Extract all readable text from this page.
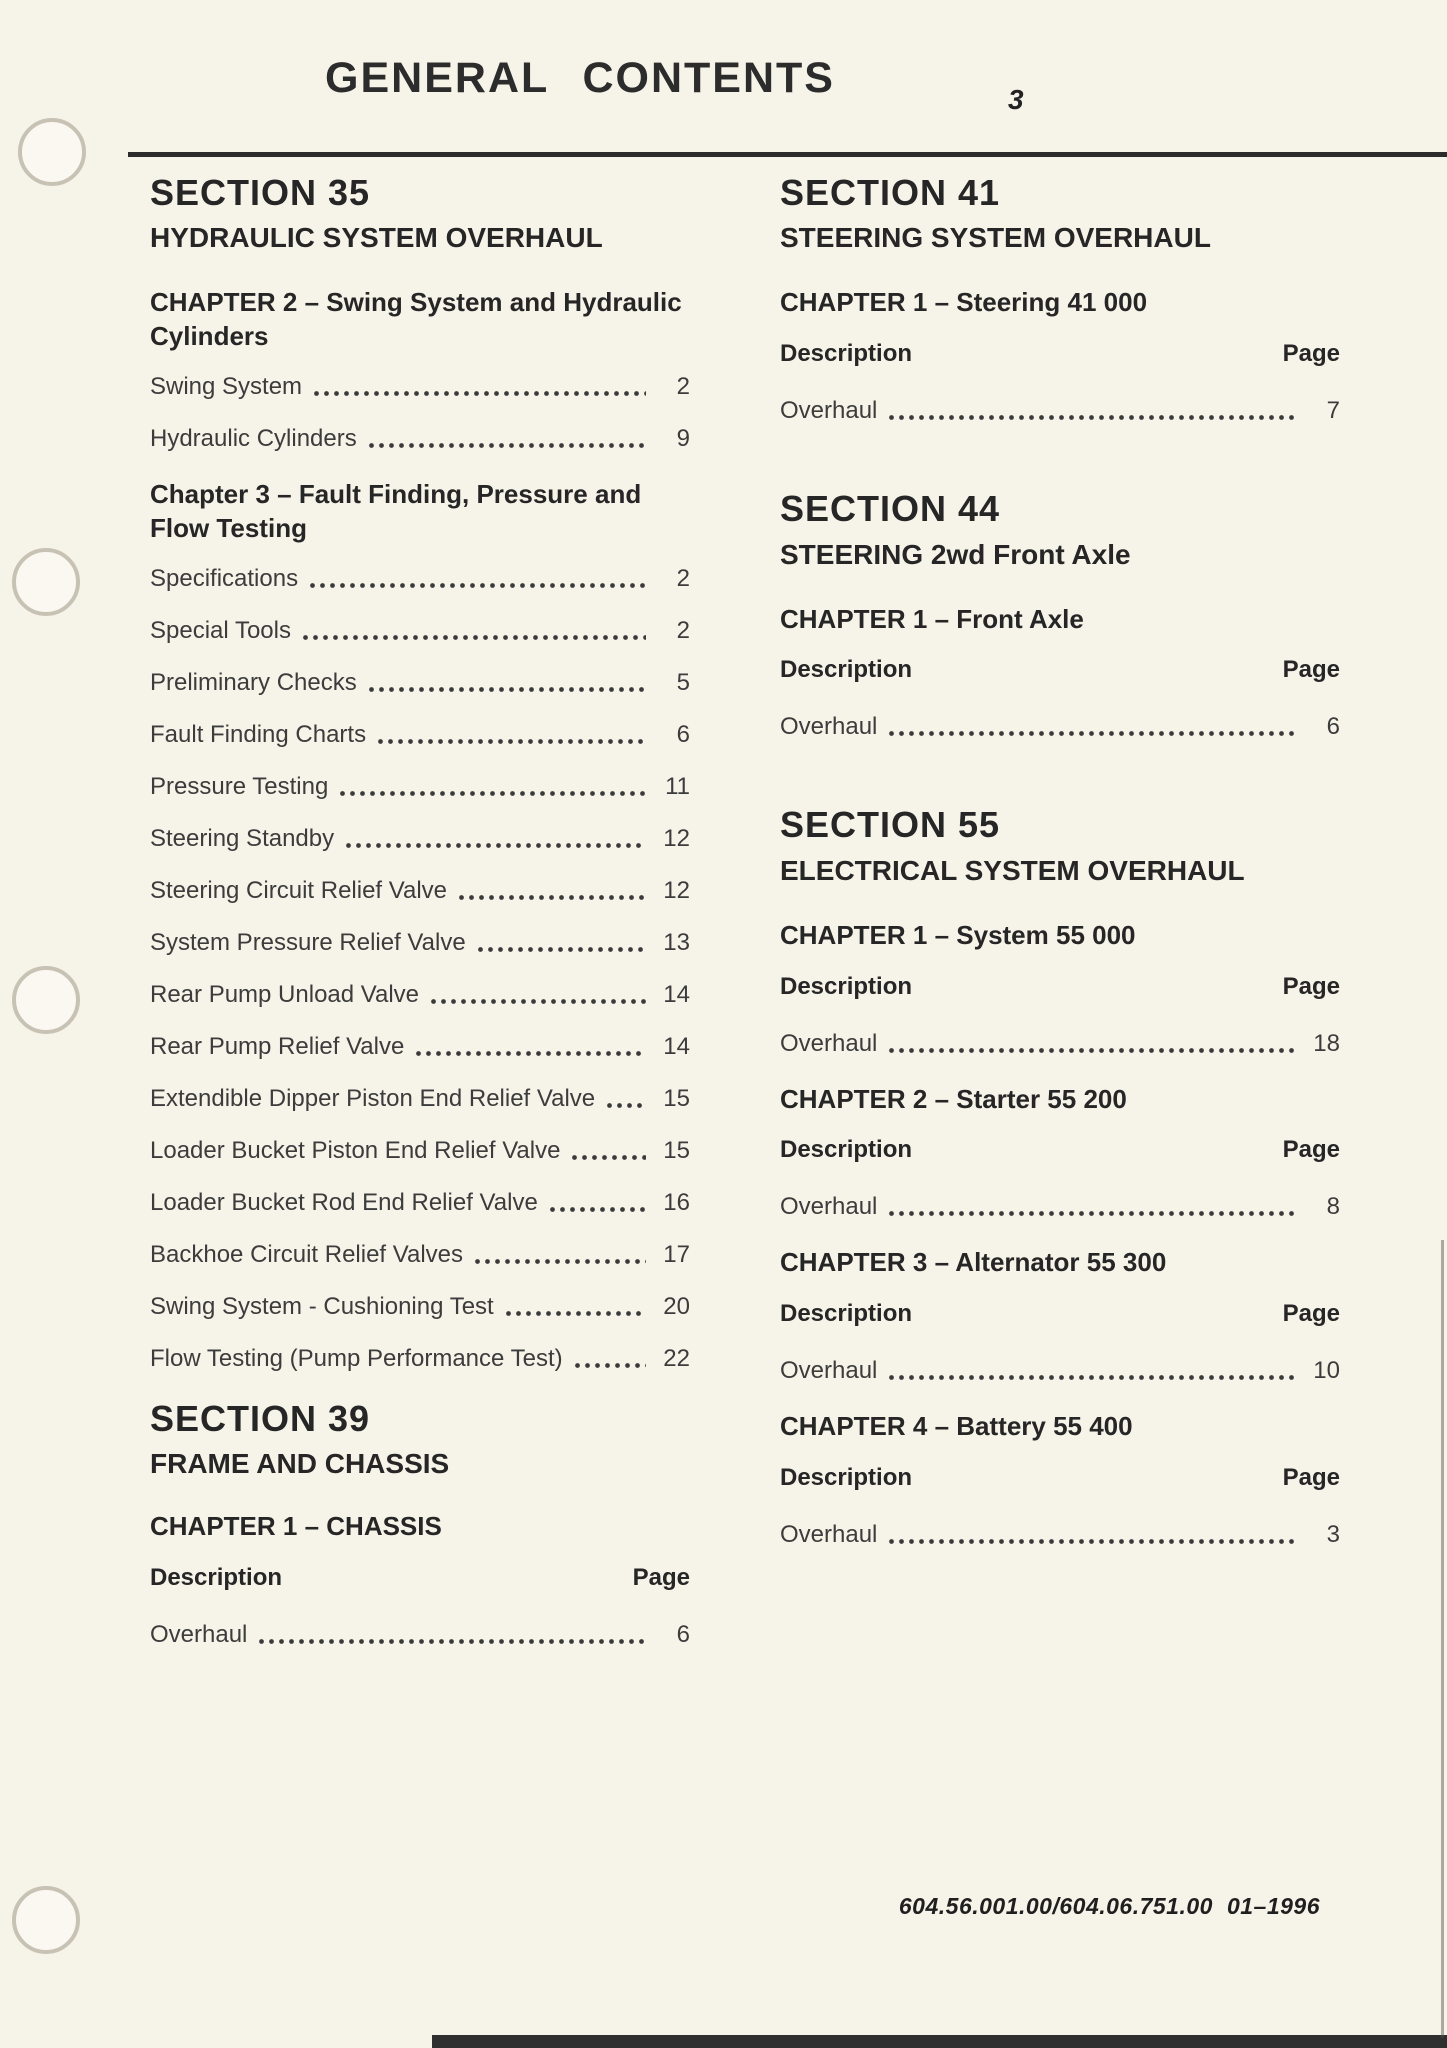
GENERAL CONTENTS	3
SECTION 35
HYDRAULIC SYSTEM OVERHAUL
CHAPTER 2 – Swing System and Hydraulic Cylinders
Swing System	2
Hydraulic Cylinders	9
Chapter 3 – Fault Finding, Pressure and Flow Testing
Specifications	2
Special Tools	2
Preliminary Checks	5
Fault Finding Charts	6
Pressure Testing	11
Steering Standby	12
Steering Circuit Relief Valve	12
System Pressure Relief Valve	13
Rear Pump Unload Valve	14
Rear Pump Relief Valve	14
Extendible Dipper Piston End Relief Valve	15
Loader Bucket Piston End Relief Valve	15
Loader Bucket Rod End Relief Valve	16
Backhoe Circuit Relief Valves	17
Swing System - Cushioning Test	20
Flow Testing (Pump Performance Test)	22
SECTION 39
FRAME AND CHASSIS
CHAPTER 1 – CHASSIS
Description	Page
Overhaul	6
SECTION 41
STEERING SYSTEM OVERHAUL
CHAPTER 1 – Steering 41 000
Description	Page
Overhaul	7
SECTION 44
STEERING 2wd Front Axle
CHAPTER 1 – Front Axle
Description	Page
Overhaul	6
SECTION 55
ELECTRICAL SYSTEM OVERHAUL
CHAPTER 1 – System 55 000
Description	Page
Overhaul	18
CHAPTER 2 – Starter 55 200
Description	Page
Overhaul	8
CHAPTER 3 – Alternator 55 300
Description	Page
Overhaul	10
CHAPTER 4 – Battery 55 400
Description	Page
Overhaul	3
604.56.001.00/604.06.751.00 01–1996
